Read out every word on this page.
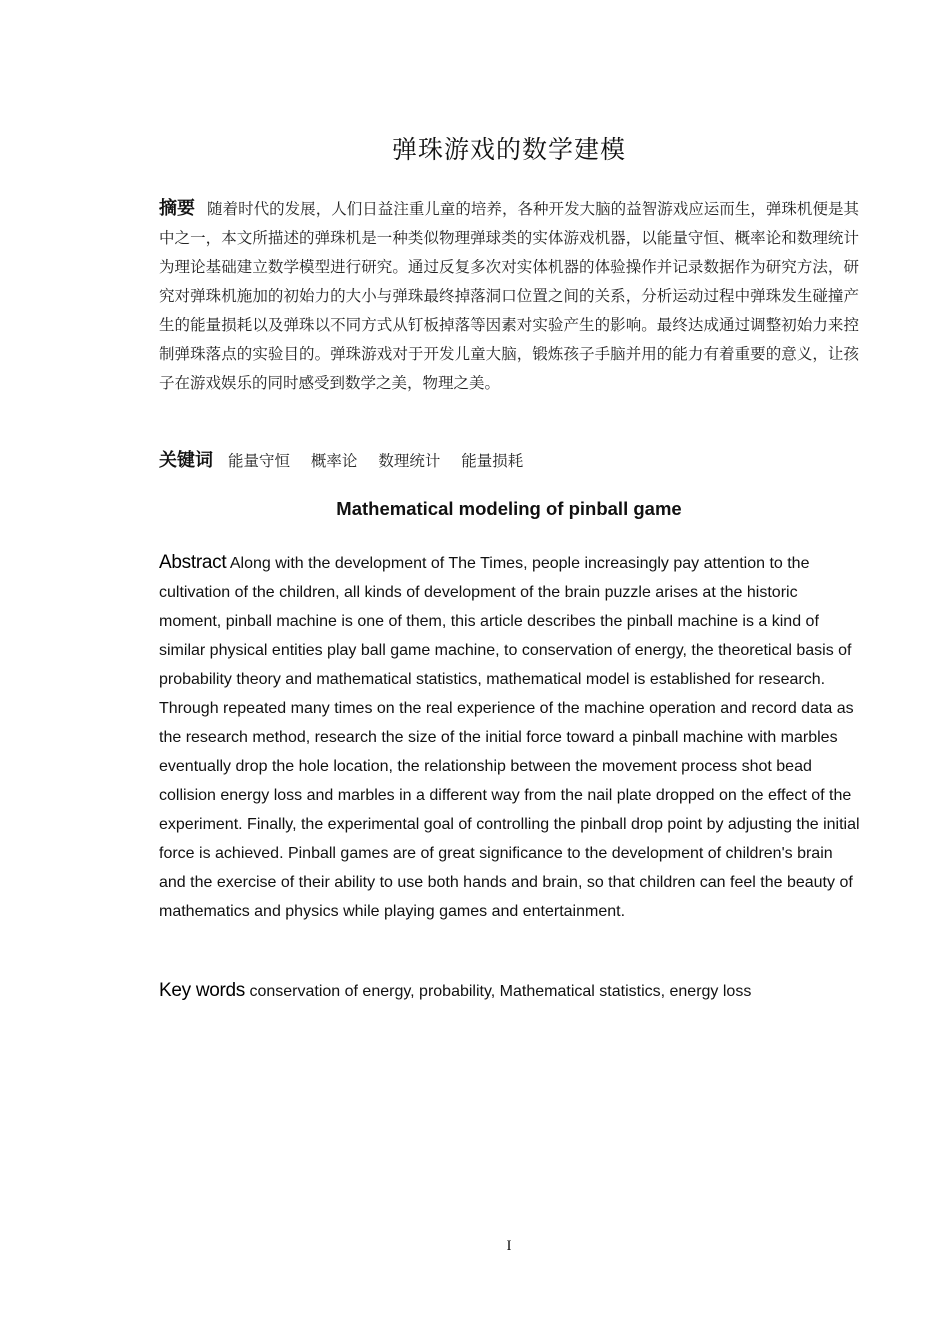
弹珠游戏的数学建模
摘要 随着时代的发展，人们日益注重儿童的培养，各种开发大脑的益智游戏应运而生，弹珠机便是其中之一，本文所描述的弹珠机是一种类似物理弹球类的实体游戏机器，以能量守恒、概率论和数理统计为理论基础建立数学模型进行研究。通过反复多次对实体机器的体验操作并记录数据作为研究方法，研究对弹珠机施加的初始力的大小与弹珠最终掉落洞口位置之间的关系，分析运动过程中弹珠发生碰撞产生的能量损耗以及弹珠以不同方式从钉板掉落等因素对实验产生的影响。最终达成通过调整初始力来控制弹珠落点的实验目的。弹珠游戏对于开发儿童大脑，锻炼孩子手脑并用的能力有着重要的意义，让孩子在游戏娱乐的同时感受到数学之美，物理之美。
关键词 能量守恒 概率论 数理统计 能量损耗
Mathematical modeling of pinball game
Abstract Along with the development of The Times, people increasingly pay attention to the cultivation of the children, all kinds of development of the brain puzzle arises at the historic moment, pinball machine is one of them, this article describes the pinball machine is a kind of similar physical entities play ball game machine, to conservation of energy, the theoretical basis of probability theory and mathematical statistics, mathematical model is established for research. Through repeated many times on the real experience of the machine operation and record data as the research method, research the size of the initial force toward a pinball machine with marbles eventually drop the hole location, the relationship between the movement process shot bead collision energy loss and marbles in a different way from the nail plate dropped on the effect of the experiment. Finally, the experimental goal of controlling the pinball drop point by adjusting the initial force is achieved. Pinball games are of great significance to the development of children's brain and the exercise of their ability to use both hands and brain, so that children can feel the beauty of mathematics and physics while playing games and entertainment.
Key words conservation of energy, probability, Mathematical statistics, energy loss
I
